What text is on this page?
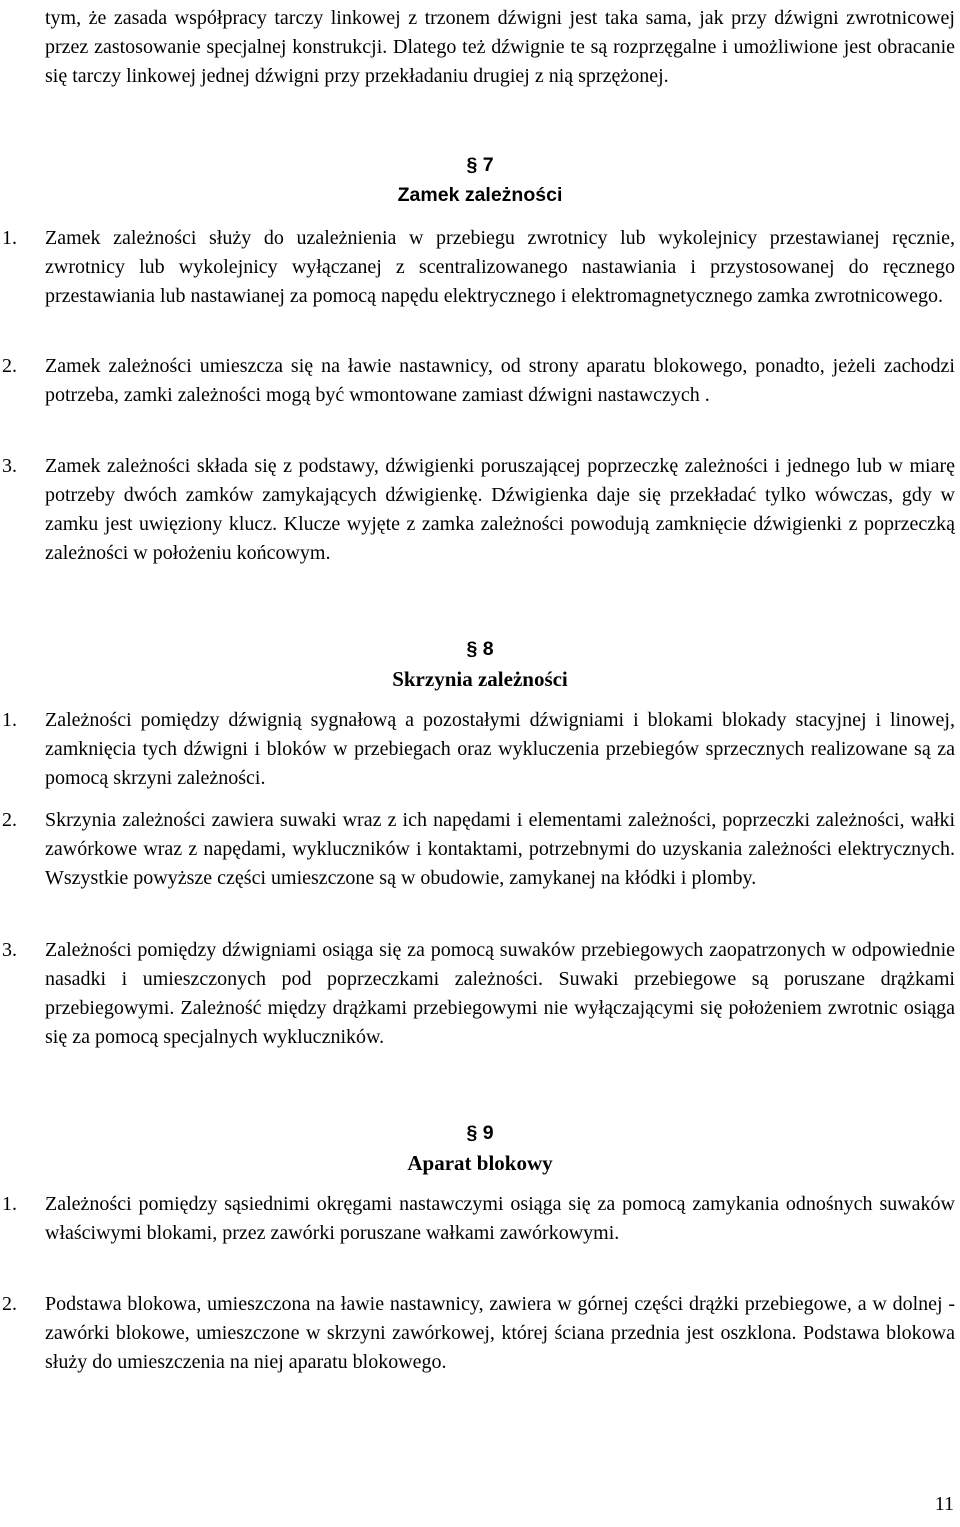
tym, że zasada współpracy tarczy linkowej z trzonem dźwigni jest taka sama, jak przy dźwigni zwrotnicowej przez zastosowanie specjalnej konstrukcji. Dlatego też dźwignie te są rozprzęgalne i umożliwione jest obracanie się tarczy linkowej jednej dźwigni przy przekładaniu drugiej z nią sprzężonej.

§ 7
Zamek zależności
1. Zamek zależności służy do uzależnienia w przebiegu zwrotnicy lub wykolejnicy przestawianej ręcznie, zwrotnicy lub wykolejnicy wyłączanej z scentralizowanego nastawiania i przystosowanej do ręcznego przestawiania lub nastawianej za pomocą napędu elektrycznego i elektromagnetycznego zamka zwrotnicowego.

2. Zamek zależności umieszcza się na ławie nastawnicy, od strony aparatu blokowego, ponadto, jeżeli zachodzi potrzeba, zamki zależności mogą być wmontowane zamiast dźwigni nastawczych .

3. Zamek zależności składa się z podstawy, dźwigienki poruszającej poprzeczkę zależności i jednego lub w miarę potrzeby dwóch zamków zamykających dźwigienkę. Dźwigienka daje się przekładać tylko wówczas, gdy w zamku jest uwięziony klucz. Klucze wyjęte z zamka zależności powodują zamknięcie dźwigienki z poprzeczką zależności w położeniu końcowym.

§ 8
Skrzynia zależności
1. Zależności pomiędzy dźwignią sygnałową a pozostałymi dźwigniami i blokami blokady stacyjnej i linowej, zamknięcia tych dźwigni i bloków w przebiegach oraz wykluczenia przebiegów sprzecznych realizowane są za pomocą skrzyni zależności.

2. Skrzynia zależności zawiera suwaki wraz z ich napędami i elementami zależności, poprzeczki zależności, wałki zawórkowe wraz z napędami, wykluczników i kontaktami, potrzebnymi do uzyskania zależności elektrycznych. Wszystkie powyższe części umieszczone są w obudowie, zamykanej na kłódki i plomby.

3. Zależności pomiędzy dźwigniami osiąga się za pomocą suwaków przebiegowych zaopatrzonych w odpowiednie nasadki i umieszczonych pod poprzeczkami zależności. Suwaki przebiegowe są poruszane drążkami przebiegowymi. Zależność między drążkami przebiegowymi nie wyłączającymi się położeniem zwrotnic osiąga się za pomocą specjalnych wykluczników.

§ 9
Aparat blokowy
1. Zależności pomiędzy sąsiednimi okręgami nastawczymi osiąga się za pomocą zamykania odnośnych suwaków właściwymi blokami, przez zawórki poruszane wałkami zawórkowymi.

2. Podstawa blokowa, umieszczona na ławie nastawnicy, zawiera w górnej części drążki przebiegowe, a w dolnej - zawórki blokowe, umieszczone w skrzyni zawórkowej, której ściana przednia jest oszklona. Podstawa blokowa służy do umieszczenia na niej aparatu blokowego.

11
